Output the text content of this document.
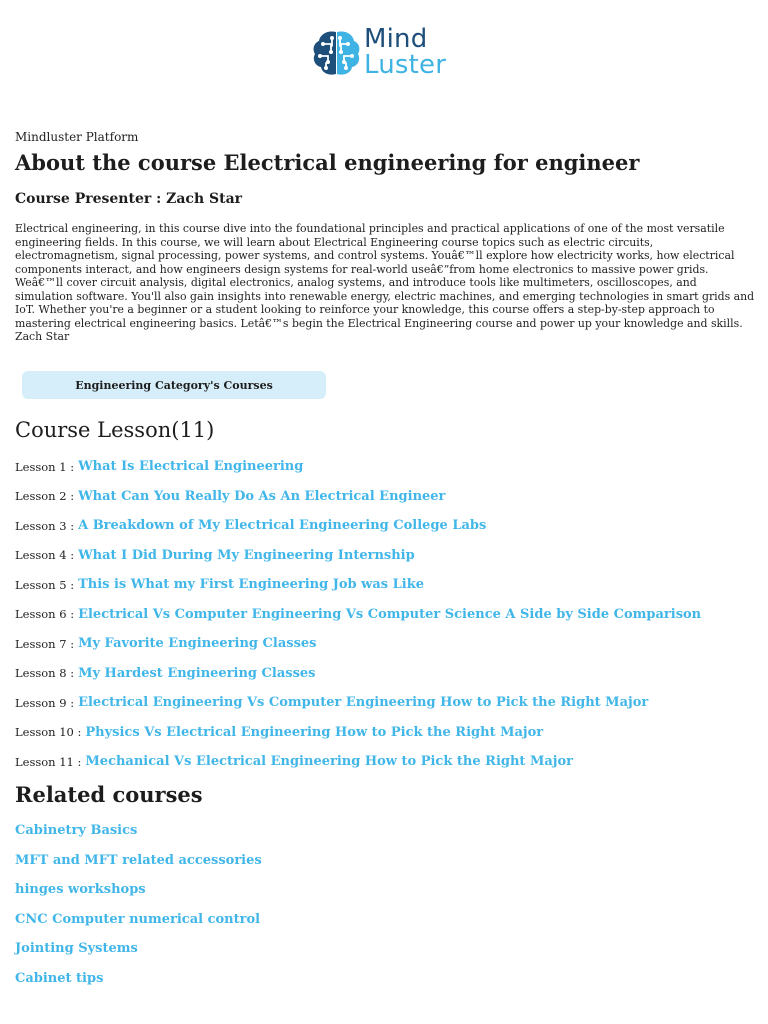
Mind
Luster
Mindluster Platform
About the course Electrical engineering for engineer
Course Presenter : Zach Star

Electrical engineering, in this course dive into the foundational principles and practical applications of one of the most versatile engineering fields. In this course, we will learn about Electrical Engineering course topics such as electric circuits, electromagnetism, signal processing, power systems, and control systems. Youâ€™ll explore how electricity works, how electrical components interact, and how engineers design systems for real-world useâ€”from home electronics to massive power grids. Weâ€™ll cover circuit analysis, digital electronics, analog systems, and introduce tools like multimeters, oscilloscopes, and simulation software. You'll also gain insights into renewable energy, electric machines, and emerging technologies in smart grids and IoT. Whether you're a beginner or a student looking to reinforce your knowledge, this course offers a step-by-step approach to mastering electrical engineering basics. Letâ€™s begin the Electrical Engineering course and power up your knowledge and skills. Zach Star

Engineering Category's Courses
Course Lesson(11)
Lesson 1 : What Is Electrical Engineering
Lesson 2 : What Can You Really Do As An Electrical Engineer
Lesson 3 : A Breakdown of My Electrical Engineering College Labs
Lesson 4 : What I Did During My Engineering Internship
Lesson 5 : This is What my First Engineering Job was Like
Lesson 6 : Electrical Vs Computer Engineering Vs Computer Science A Side by Side Comparison
Lesson 7 : My Favorite Engineering Classes
Lesson 8 : My Hardest Engineering Classes
Lesson 9 : Electrical Engineering Vs Computer Engineering How to Pick the Right Major
Lesson 10 : Physics Vs Electrical Engineering How to Pick the Right Major
Lesson 11 : Mechanical Vs Electrical Engineering How to Pick the Right Major
Related courses
Cabinetry Basics
MFT and MFT related accessories
hinges workshops
CNC Computer numerical control
Jointing Systems
Cabinet tips
